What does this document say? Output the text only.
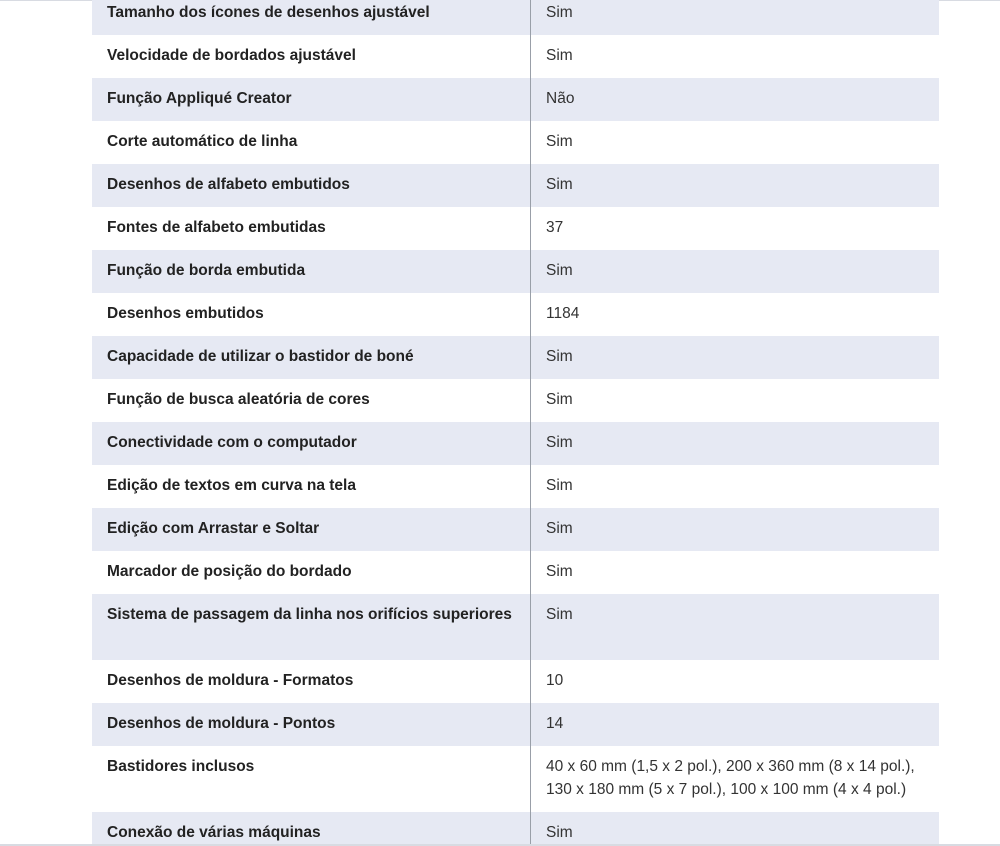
Tamanho dos ícones de desenhos ajustável	Sim
Velocidade de bordados ajustável	Sim
Função Appliqué Creator	Não
Corte automático de linha	Sim
Desenhos de alfabeto embutidos	Sim
Fontes de alfabeto embutidas	37
Função de borda embutida	Sim
Desenhos embutidos	1184
Capacidade de utilizar o bastidor de boné	Sim
Função de busca aleatória de cores	Sim
Conectividade com o computador	Sim
Edição de textos em curva na tela	Sim
Edição com Arrastar e Soltar	Sim
Marcador de posição do bordado	Sim
Sistema de passagem da linha nos orifícios superiores	Sim
Desenhos de moldura - Formatos	10
Desenhos de moldura - Pontos	14
Bastidores inclusos	40 x 60 mm (1,5 x 2 pol.), 200 x 360 mm (8 x 14 pol.), 130 x 180 mm (5 x 7 pol.), 100 x 100 mm (4 x 4 pol.)
Conexão de várias máquinas	Sim
